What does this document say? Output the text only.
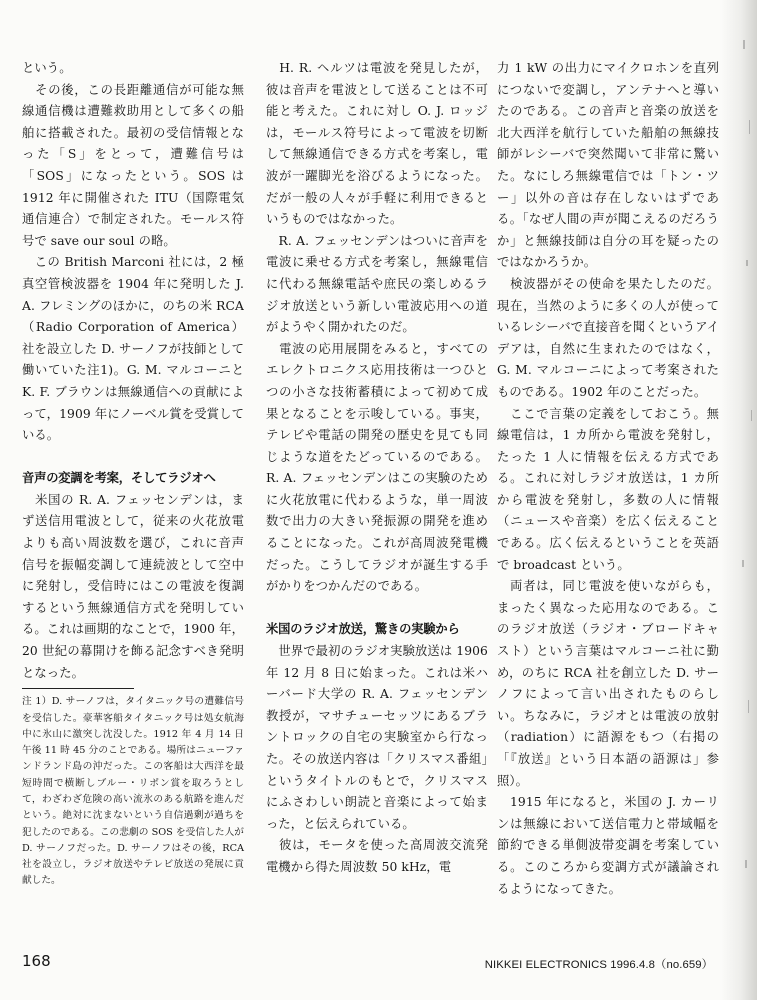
という。

　その後，この長距離通信が可能な無線通信機は遭難救助用として多くの船舶に搭載された。最初の受信情報となった「S」をとって，遭難信号は「SOS」になったという。SOS は 1912 年に開催された ITU（国際電気通信連合）で制定された。モールス符号で save our soul の略。

　この British Marconi 社には，2 極真空管検波器を 1904 年に発明した J. A. フレミングのほかに，のちの米 RCA（Radio Corporation of America）社を設立した D. サーノフが技師として働いていた注1)。G. M. マルコーニと K. F. ブラウンは無線通信への貢献によって，1909 年にノーベル賞を受賞している。

音声の変調を考案，そしてラジオへ

　米国の R. A. フェッセンデンは，まず送信用電波として，従来の火花放電よりも高い周波数を選び，これに音声信号を振幅変調して連続波として空中に発射し，受信時にはこの電波を復調するという無線通信方式を発明している。これは画期的なことで，1900 年，20 世紀の幕開けを飾る記念すべき発明となった。

注 1）D. サーノフは，タイタニック号の遭難信号を受信した。豪華客船タイタニック号は処女航海中に氷山に激突し沈没した。1912 年 4 月 14 日午後 11 時 45 分のことである。場所はニューファンドランド島の沖だった。この客船は大西洋を最短時間で横断しブルー・リボン賞を取ろうとして，わざわざ危険の高い流氷のある航路を進んだという。絶対に沈まないという自信過剰が過ちを犯したのである。この悲劇の SOS を受信した人が D. サーノフだった。D. サーノフはその後，RCA 社を設立し，ラジオ放送やテレビ放送の発展に貢献した。

　H. R. ヘルツは電波を発見したが，彼は音声を電波として送ることは不可能と考えた。これに対し O. J. ロッジは，モールス符号によって電波を切断して無線通信できる方式を考案し，電波が一躍脚光を浴びるようになった。だが一般の人々が手軽に利用できるというものではなかった。

　R. A. フェッセンデンはついに音声を電波に乗せる方式を考案し，無線電信に代わる無線電話や庶民の楽しめるラジオ放送という新しい電波応用への道がようやく開かれたのだ。

　電波の応用展開をみると，すべてのエレクトロニクス応用技術は一つひとつの小さな技術蓄積によって初めて成果となることを示唆している。事実，テレビや電話の開発の歴史を見ても同じような道をたどっているのである。R. A. フェッセンデンはこの実験のために火花放電に代わるような，単一周波数で出力の大きい発振源の開発を進めることになった。これが高周波発電機だった。こうしてラジオが誕生する手がかりをつかんだのである。

米国のラジオ放送，驚きの実験から

　世界で最初のラジオ実験放送は 1906 年 12 月 8 日に始まった。これは米ハーバード大学の R. A. フェッセンデン教授が，マサチューセッツにあるブラントロックの自宅の実験室から行なった。その放送内容は「クリスマス番組」というタイトルのもとで，クリスマスにふさわしい朗読と音楽によって始まった，と伝えられている。

　彼は，モータを使った高周波交流発電機から得た周波数 50 kHz，電

力 1 kW の出力にマイクロホンを直列につないで変調し，アンテナへと導いたのである。この音声と音楽の放送を北大西洋を航行していた船舶の無線技師がレシーバで突然聞いて非常に驚いた。なにしろ無線電信では「トン・ツー」以外の音は存在しないはずである。「なぜ人間の声が聞こえるのだろうか」と無線技師は自分の耳を疑ったのではなかろうか。

　検波器がその使命を果たしたのだ。現在，当然のように多くの人が使っているレシーバで直接音を聞くというアイデアは，自然に生まれたのではなく，G. M. マルコーニによって考案されたものである。1902 年のことだった。

　ここで言葉の定義をしておこう。無線電信は，1 カ所から電波を発射し，たった 1 人に情報を伝える方式である。これに対しラジオ放送は，1 カ所から電波を発射し，多数の人に情報（ニュースや音楽）を広く伝えることである。広く伝えるということを英語で broadcast という。

　両者は，同じ電波を使いながらも，まったく異なった応用なのである。このラジオ放送（ラジオ・ブロードキャスト）という言葉はマルコーニ社に勤め，のちに RCA 社を創立した D. サーノフによって言い出されたものらしい。ちなみに，ラジオとは電波の放射（radiation）に語源をもつ（右掲の「『放送』という日本語の語源は」参照）。

　1915 年になると，米国の J. カーリンは無線において送信電力と帯域幅を節約できる単側波帯変調を考案している。このころから変調方式が議論されるようになってきた。

168	NIKKEI ELECTRONICS 1996.4.8（no.659）
